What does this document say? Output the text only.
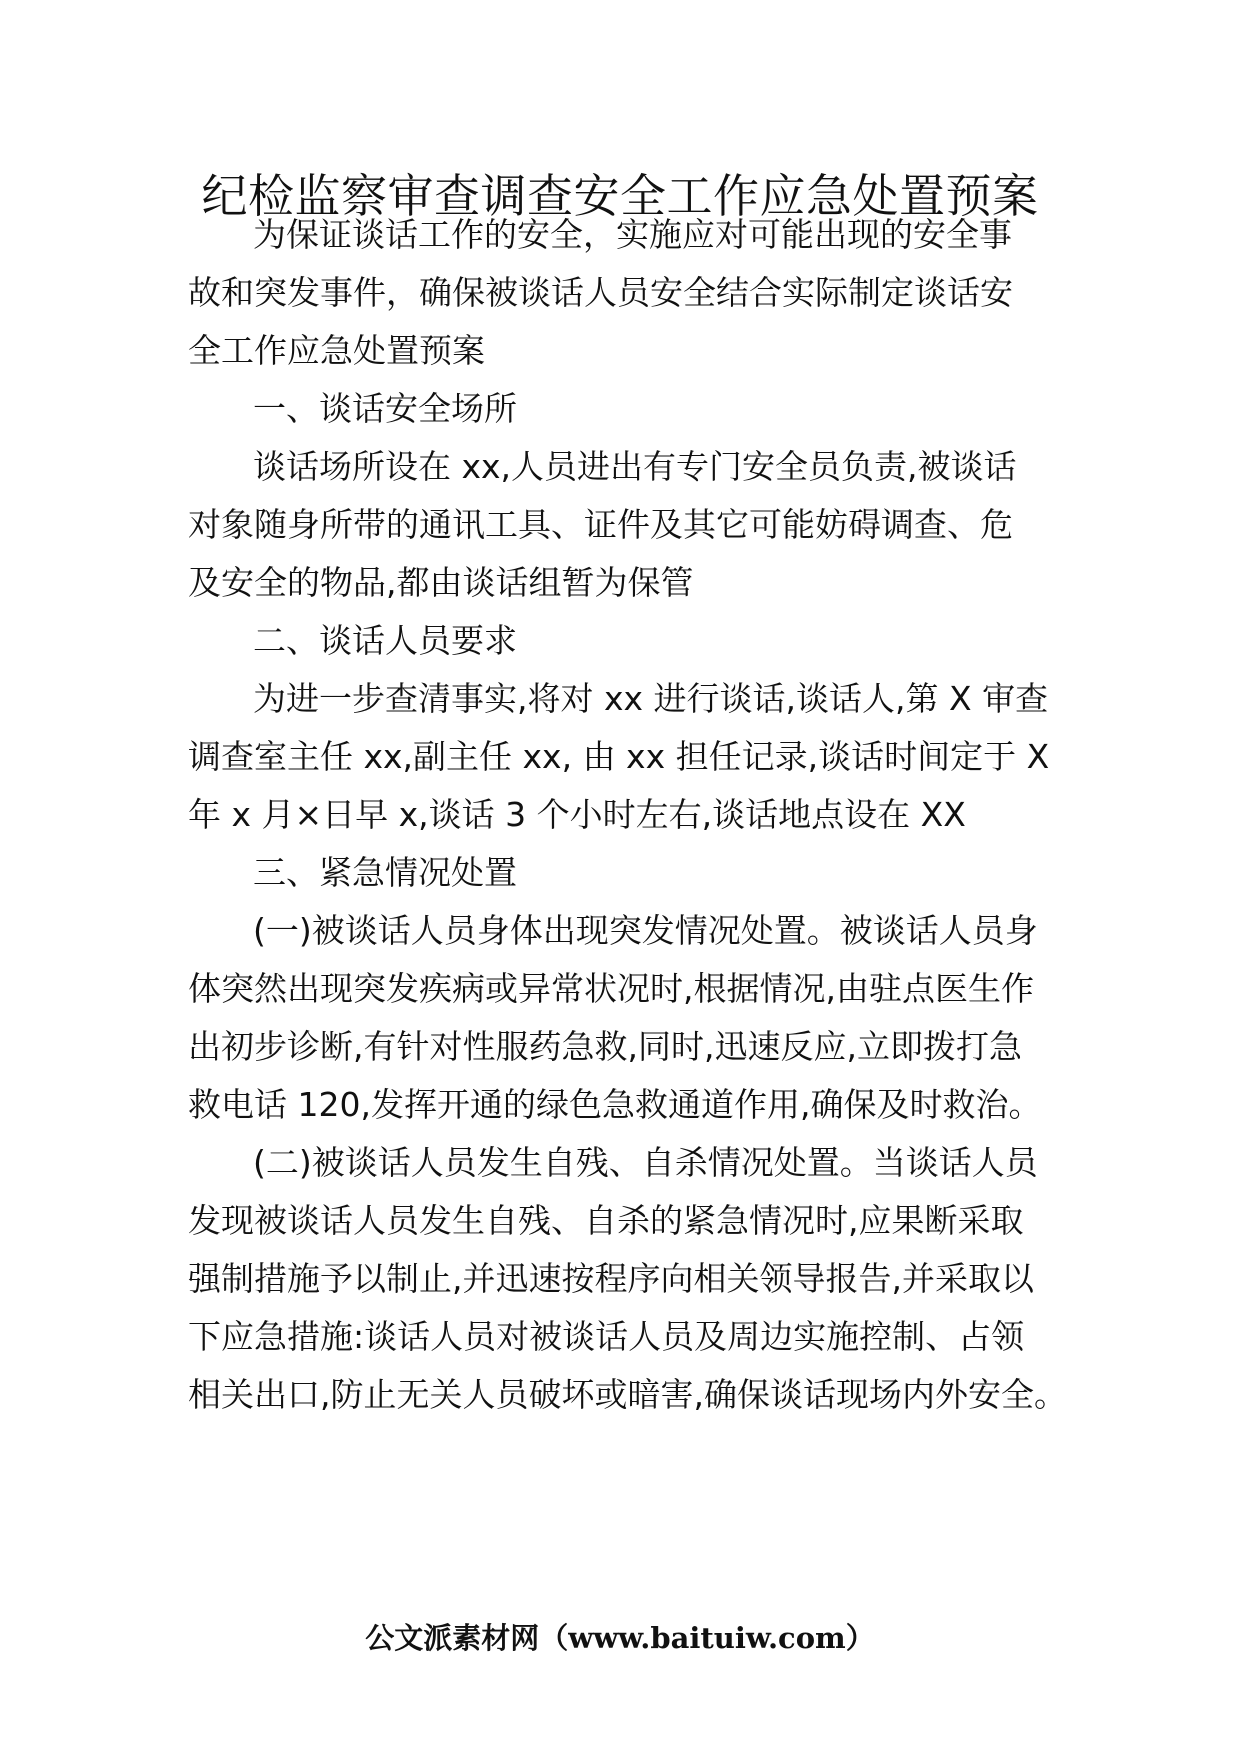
纪检监察审查调查安全工作应急处置预案
为保证谈话工作的安全，实施应对可能出现的安全事
故和突发事件，确保被谈话人员安全结合实际制定谈话安
全工作应急处置预案
一、谈话安全场所
谈话场所设在 xx,人员进出有专门安全员负责,被谈话
对象随身所带的通讯工具、证件及其它可能妨碍调查、危
及安全的物品,都由谈话组暂为保管
二、谈话人员要求
为进一步查清事实,将对 xx 进行谈话,谈话人,第 X 审查
调查室主任 xx,副主任 xx, 由 xx 担任记录,谈话时间定于 X
年 x 月×日早 x,谈话 3 个小时左右,谈话地点设在 XX
三、紧急情况处置
(一)被谈话人员身体出现突发情况处置。被谈话人员身
体突然出现突发疾病或异常状况时,根据情况,由驻点医生作
出初步诊断,有针对性服药急救,同时,迅速反应,立即拨打急
救电话 120,发挥开通的绿色急救通道作用,确保及时救治。
(二)被谈话人员发生自残、自杀情况处置。当谈话人员
发现被谈话人员发生自残、自杀的紧急情况时,应果断采取
强制措施予以制止,并迅速按程序向相关领导报告,并采取以
下应急措施:谈话人员对被谈话人员及周边实施控制、占领
相关出口,防止无关人员破坏或暗害,确保谈话现场内外安全。
公文派素材网（www.baituiw.com）
